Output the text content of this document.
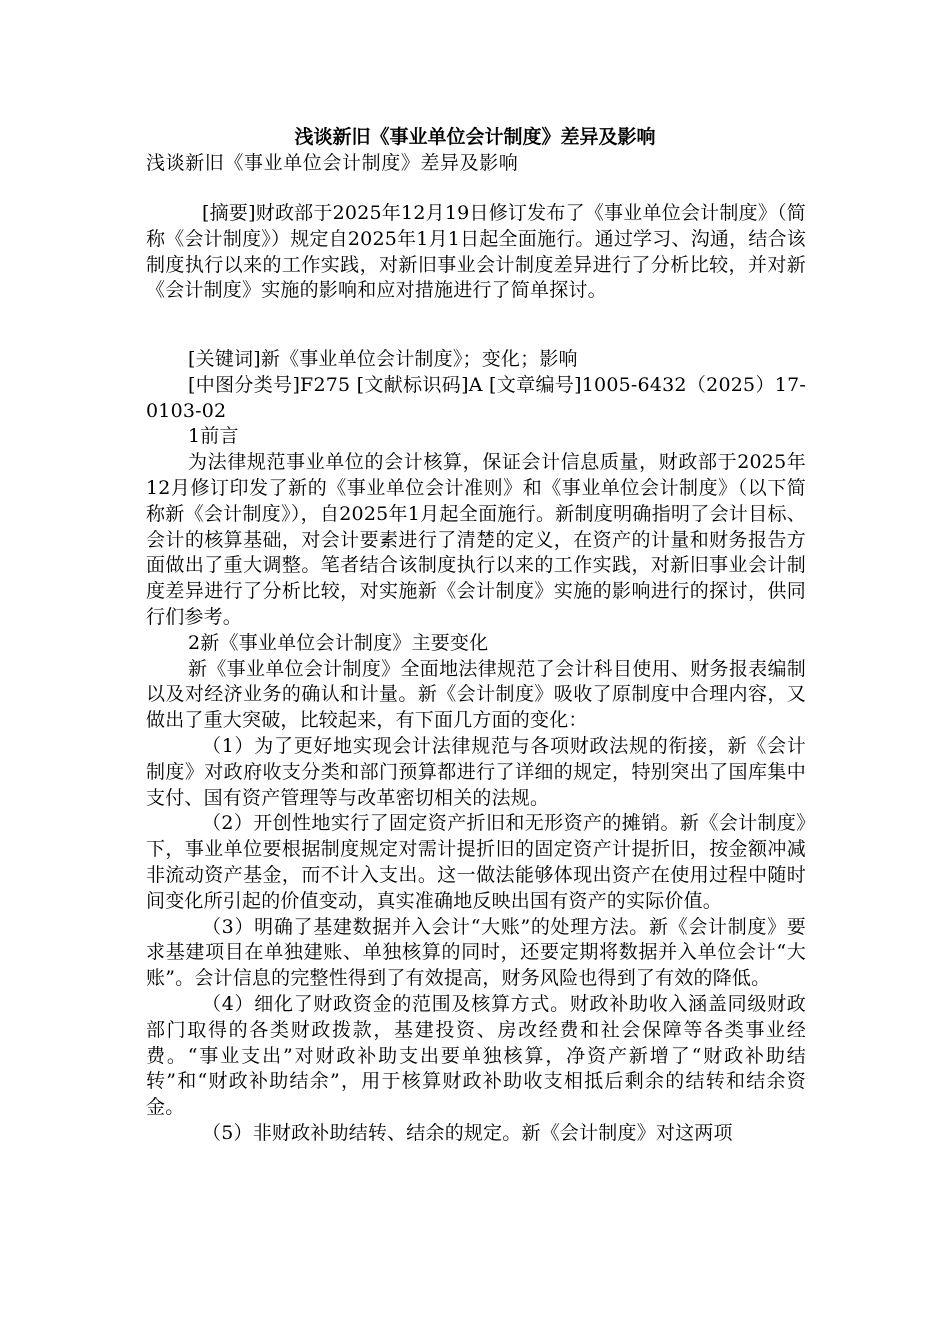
浅谈新旧《事业单位会计制度》差异及影响
浅谈新旧《事业单位会计制度》差异及影响

[摘要]财政部于2025年12月19日修订发布了《事业单位会计制度》（简称《会计制度》）规定自2025年1月1日起全面施行。通过学习、沟通，结合该制度执行以来的工作实践，对新旧事业会计制度差异进行了分析比较，并对新《会计制度》实施的影响和应对措施进行了简单探讨。

[关键词]新《事业单位会计制度》；变化；影响

[中图分类号]F275 [文献标识码]A [文章编号]1005-6432（2025）17-0103-02

1前言

为法律规范事业单位的会计核算，保证会计信息质量，财政部于2025年12月修订印发了新的《事业单位会计准则》和《事业单位会计制度》（以下简称新《会计制度》），自2025年1月起全面施行。新制度明确指明了会计目标、会计的核算基础，对会计要素进行了清楚的定义，在资产的计量和财务报告方面做出了重大调整。笔者结合该制度执行以来的工作实践，对新旧事业会计制度差异进行了分析比较，对实施新《会计制度》实施的影响进行的探讨，供同行们参考。

2新《事业单位会计制度》主要变化

新《事业单位会计制度》全面地法律规范了会计科目使用、财务报表编制以及对经济业务的确认和计量。新《会计制度》吸收了原制度中合理内容，又做出了重大突破，比较起来，有下面几方面的变化：

（1）为了更好地实现会计法律规范与各项财政法规的衔接，新《会计制度》对政府收支分类和部门预算都进行了详细的规定，特别突出了国库集中支付、国有资产管理等与改革密切相关的法规。

（2）开创性地实行了固定资产折旧和无形资产的摊销。新《会计制度》下，事业单位要根据制度规定对需计提折旧的固定资产计提折旧，按金额冲减非流动资产基金，而不计入支出。这一做法能够体现出资产在使用过程中随时间变化所引起的价值变动，真实准确地反映出国有资产的实际价值。

（3）明确了基建数据并入会计“大账”的处理方法。新《会计制度》要求基建项目在单独建账、单独核算的同时，还要定期将数据并入单位会计“大账”。会计信息的完整性得到了有效提高，财务风险也得到了有效的降低。

（4）细化了财政资金的范围及核算方式。财政补助收入涵盖同级财政部门取得的各类财政拨款，基建投资、房改经费和社会保障等各类事业经费。“事业支出”对财政补助支出要单独核算，净资产新增了“财政补助结转”和“财政补助结余”，用于核算财政补助收支相抵后剩余的结转和结余资金。

（5）非财政补助结转、结余的规定。新《会计制度》对这两项
